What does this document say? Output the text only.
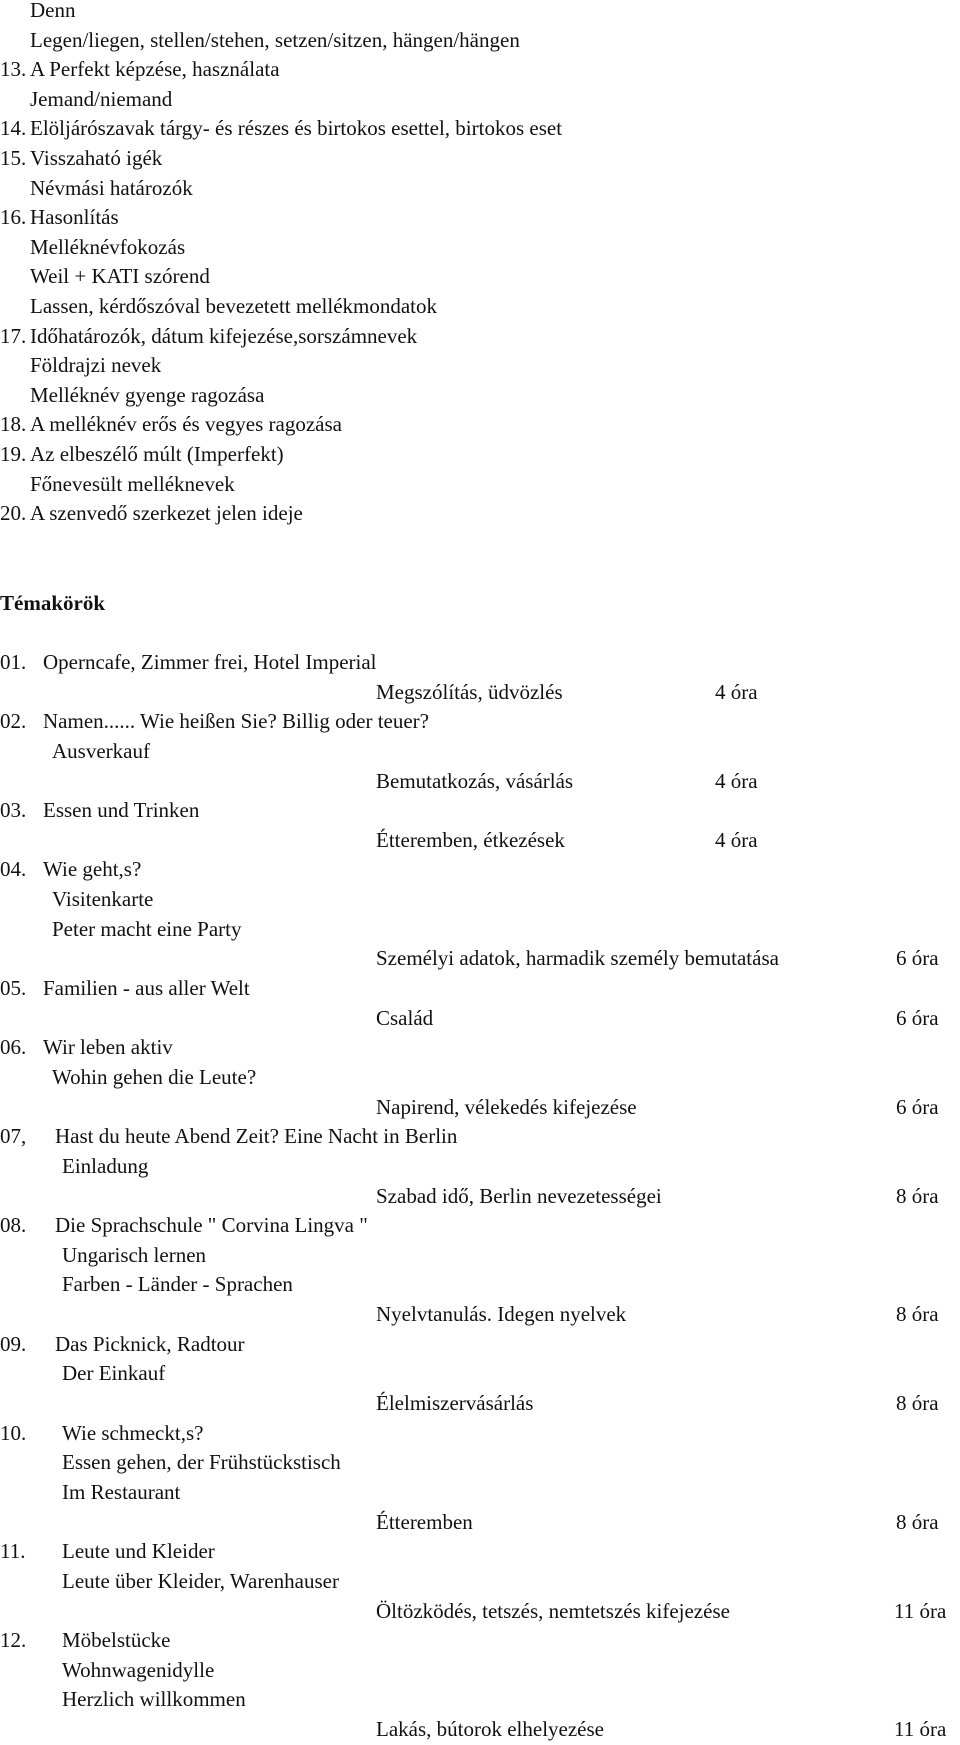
Denn
Legen/liegen, stellen/stehen, setzen/sitzen, hängen/hängen
13. A Perfekt képzése, használata
Jemand/niemand
14. Elöljárószavak tárgy- és részes és birtokos esettel, birtokos eset
15. Visszaható igék
Névmási határozók
16. Hasonlítás
Melléknévfokozás
Weil + KATI szórend
Lassen, kérdőszóval bevezetett mellékmondatok
17. Időhatározók, dátum kifejezése,sorszámnevek
Földrajzi nevek
Melléknév gyenge ragozása
18. A melléknév erős és vegyes ragozása
19. Az elbeszélő múlt (Imperfekt)
Főnevesült melléknevek
20. A szenvedő szerkezet jelen ideje
Témakörök
01. Operncafe, Zimmer frei, Hotel Imperial
Megszólítás, üdvözlés	4 óra
02. Namen...... Wie heißen Sie? Billig oder teuer?
Ausverkauf
Bemutatkozás, vásárlás	4 óra
03. Essen und Trinken
Étteremben, étkezések	4 óra
04. Wie geht,s?
Visitenkarte
Peter macht eine Party
Személyi adatok, harmadik személy bemutatása	6 óra
05. Familien - aus aller Welt
Család	6 óra
06. Wir leben aktiv
Wohin gehen die Leute?
Napirend, vélekedés kifejezése	6 óra
07, Hast du heute Abend Zeit? Eine Nacht in Berlin
Einladung
Szabad idő, Berlin nevezetességei	8 óra
08. Die Sprachschule " Corvina Lingva "
Ungarisch lernen
Farben - Länder - Sprachen
Nyelvtanulás. Idegen nyelvek	8 óra
09. Das Picknick, Radtour
Der Einkauf
Élelmiszervásárlás	8 óra
10. Wie schmeckt,s?
Essen gehen, der Frühstückstisch
Im Restaurant
Étteremben	8 óra
11. Leute und Kleider
Leute über Kleider, Warenhauser
Öltözködés, tetszés, nemtetszés kifejezése	11 óra
12. Möbelstücke
Wohnwagenidylle
Herzlich willkommen
Lakás, bútorok elhelyezése	11 óra
